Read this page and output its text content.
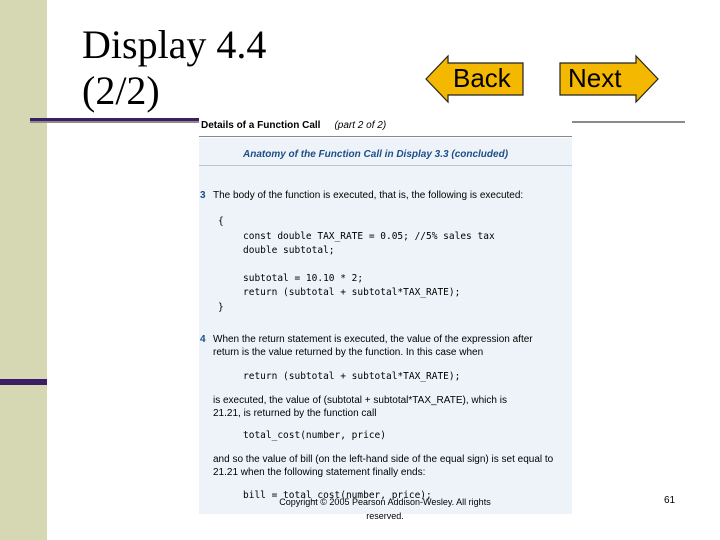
Display 4.4
(2/2)	Back Next
Details of a Function Call (part 2 of 2)
Anatomy of the Function Call in Display 3.3 (concluded)
3 The body of the function is executed, that is, the following is executed:
{
const double TAX_RATE = 0.05; //5% sales tax
double subtotal;
subtotal = 10.10 * 2;
return (subtotal + subtotal*TAX_RATE);
}
4 When the return statement is executed, the value of the expression after
return is the value returned by the function. In this case when
return (subtotal + subtotal*TAX_RATE);
is executed, the value of (subtotal + subtotal*TAX_RATE), which is
21.21, is returned by the function call
total_cost(number, price)
and so the value of bill (on the left-hand side of the equal sign) is set equal to
21.21 when the following statement finally ends:
bill = total_cost(number, price);
Copyright © 2005 Pearson Addison-Wesley. All rights reserved.
61
